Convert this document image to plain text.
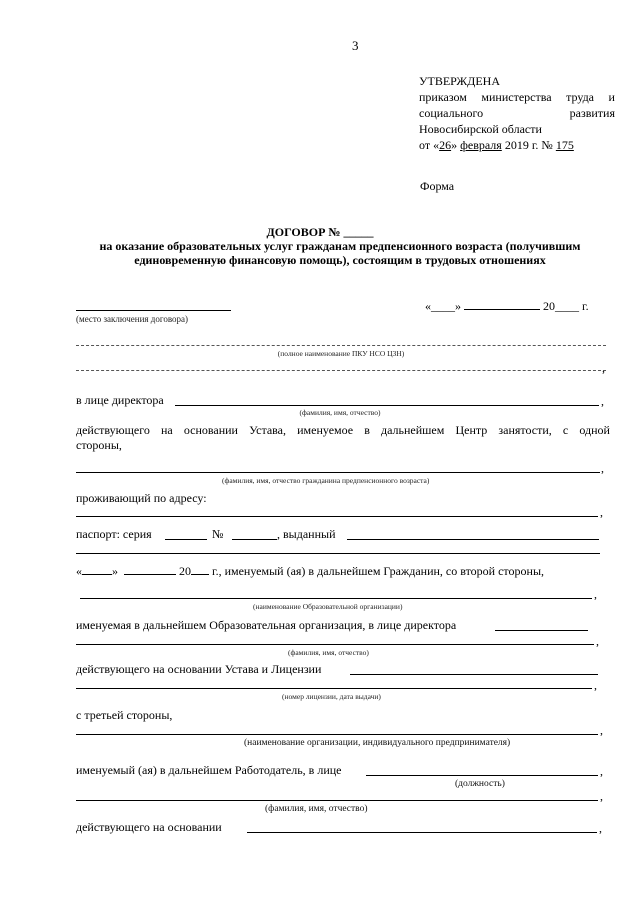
3
УТВЕРЖДЕНА
приказом министерства труда и
социального	развития
Новосибирской области
от «26» февраля 2019 г. № 175
Форма
ДОГОВОР № _____
на оказание образовательных услуг гражданам предпенсионного возраста (получившим
единовременную финансовую помощь), состоящим в трудовых отношениях
(место заключения договора)
«____»	20____ г.
(полное наименование ПКУ НСО ЦЗН)
,
в лице директора	,
(фамилия, имя, отчество)
действующего на основании Устава, именуемое в дальнейшем Центр занятости, с одной
стороны,
,
(фамилия, имя, отчество гражданина предпенсионного возраста)
проживающий по адресу:
,
паспорт: серия	№	, выданный
«	»	20 г., именуемый (ая) в дальнейшем Гражданин, со второй стороны,
,
(наименование Образовательной организации)
именуемая в дальнейшем Образовательная организация, в лице директора
,
(фамилия, имя, отчество)
действующего на основании Устава и Лицензии
,
(номер лицензии, дата выдачи)
с третьей стороны,
,
(наименование организации, индивидуального предпринимателя)
именуемый (ая) в дальнейшем Работодатель, в лице	,
(должность)
,
(фамилия, имя, отчество)
действующего на основании	,
